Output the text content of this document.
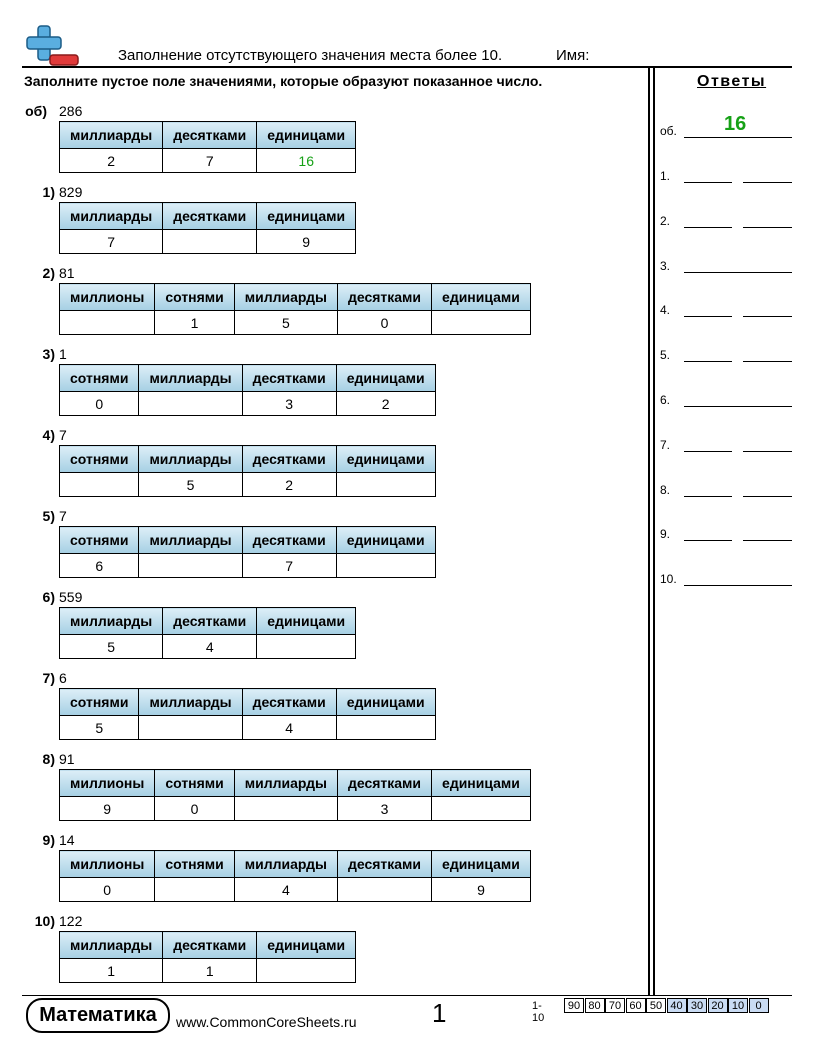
Заполнение отсутствующего значения места более 10.	Имя:
Заполните пустое поле значениями, которые образуют показанное число.	Ответы
об) 286
миллиарды	десятками	единицами
2	7	16
1) 829
миллиарды	десятками	единицами
7		9
2) 81
миллионы	сотнями	миллиарды	десятками	единицами
	1	5	0	
3) 1
сотнями	миллиарды	десятками	единицами
0		3	2
4) 7
сотнями	миллиарды	десятками	единицами
	5	2	
5) 7
сотнями	миллиарды	десятками	единицами
6		7	
6) 559
миллиарды	десятками	единицами
5	4	
7) 6
сотнями	миллиарды	десятками	единицами
5		4	
8) 91
миллионы	сотнями	миллиарды	десятками	единицами
9	0		3	
9) 14
миллионы	сотнями	миллиарды	десятками	единицами
0		4		9
10) 122
миллиарды	десятками	единицами
1	1	
об. 16
1.
2.
3.
4.
5.
6.
7.
8.
9.
10.
Математика	www.CommonCoreSheets.ru	1	1-10
90 80 70 60 50 40 30 20 10	0
